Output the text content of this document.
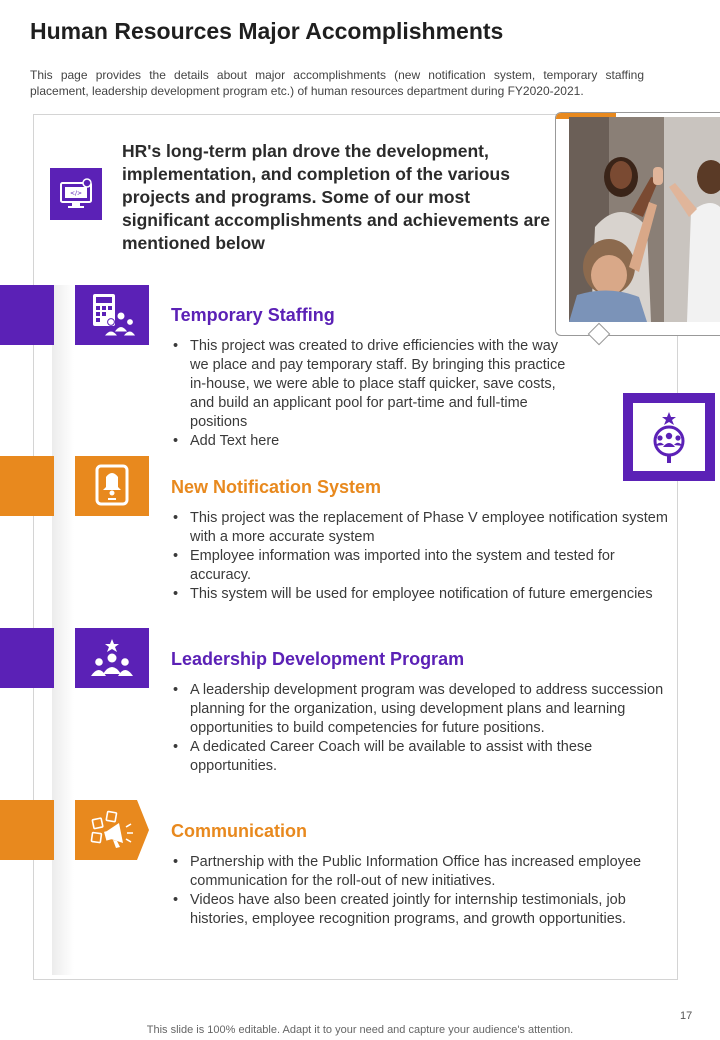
Human Resources Major Accomplishments

This page provides the details about major accomplishments (new notification system, temporary staffing placement, leadership development program etc.) of human resources department during FY2020-2021.

</>

HR's long-term plan drove the development, implementation, and completion of the various projects and programs. Some of our most significant accomplishments and achievements are mentioned below

Temporary Staffing
• This project was created to drive efficiencies with the way we place and pay temporary staff. By bringing this practice in-house, we were able to place staff quicker, save costs, and build an applicant pool for part-time and full-time positions
• Add Text here
New Notification System
• This project was the replacement of Phase V employee notification system with a more accurate system
• Employee information was imported into the system and tested for accuracy.
• This system will be used for employee notification of future emergencies
Leadership Development Program
• A leadership development program was developed to address succession planning for the organization, using development plans and learning opportunities to build competencies for future positions.
• A dedicated Career Coach will be available to assist with these opportunities.
Communication
• Partnership with the Public Information Office has increased employee communication for the roll-out of new initiatives.
• Videos have also been created jointly for internship testimonials, job histories, employee recognition programs, and growth opportunities.
17
This slide is 100% editable. Adapt it to your need and capture your audience's attention.
